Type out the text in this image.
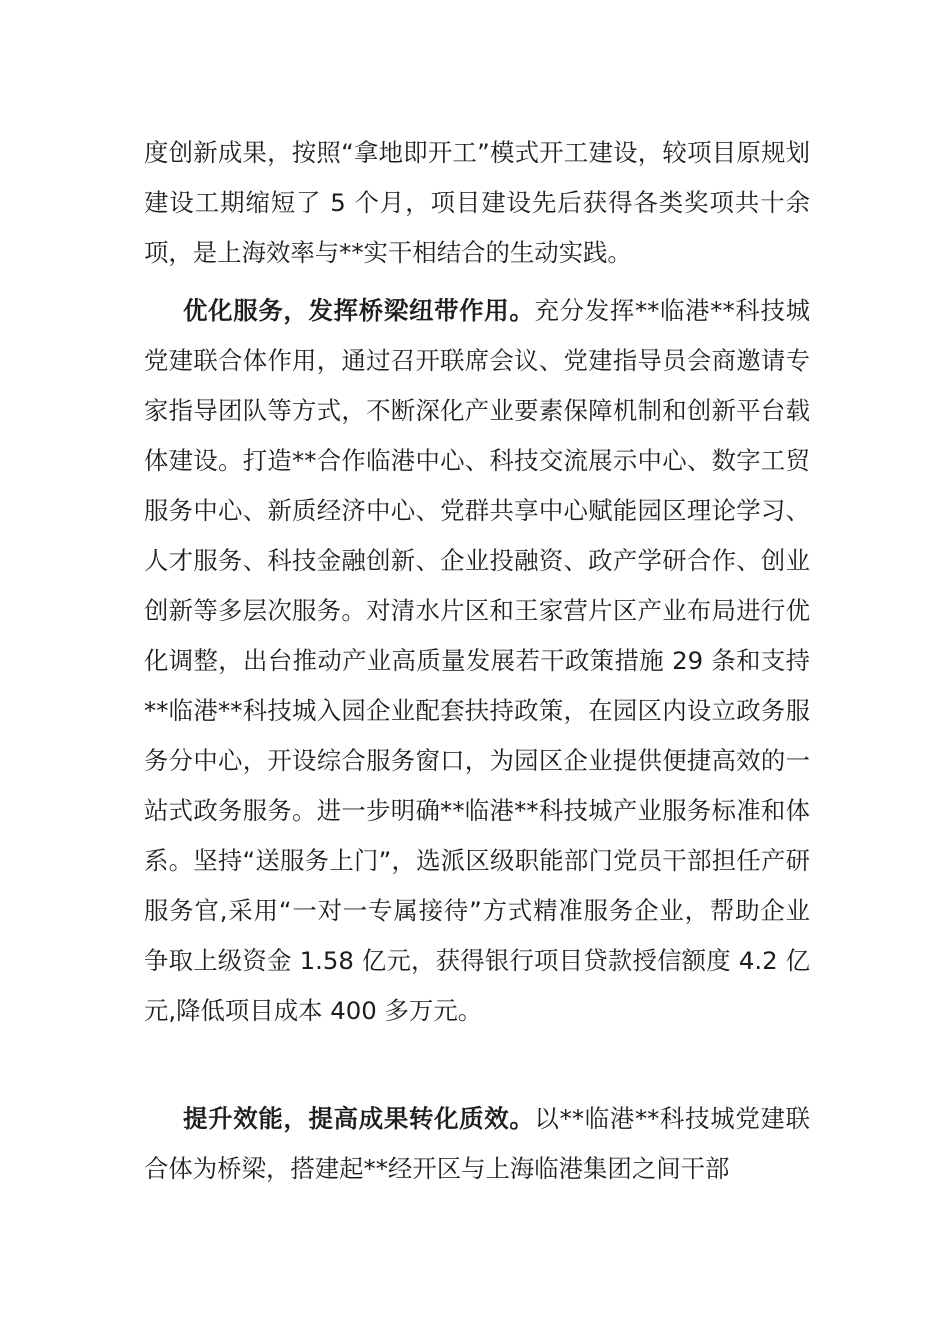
度创新成果，按照“拿地即开工”模式开工建设，较项目原规划建设工期缩短了 5 个月，项目建设先后获得各类奖项共十余项，是上海效率与**实干相结合的生动实践。

优化服务，发挥桥梁纽带作用。充分发挥**临港**科技城党建联合体作用，通过召开联席会议、党建指导员会商邀请专家指导团队等方式，不断深化产业要素保障机制和创新平台载体建设。打造**合作临港中心、科技交流展示中心、数字工贸服务中心、新质经济中心、党群共享中心赋能园区理论学习、人才服务、科技金融创新、企业投融资、政产学研合作、创业创新等多层次服务。对清水片区和王家营片区产业布局进行优化调整，出台推动产业高质量发展若干政策措施 29 条和支持**临港**科技城入园企业配套扶持政策，在园区内设立政务服务分中心，开设综合服务窗口，为园区企业提供便捷高效的一站式政务服务。进一步明确**临港**科技城产业服务标准和体系。坚持“送服务上门”，选派区级职能部门党员干部担任产研服务官,采用“一对一专属接待”方式精准服务企业，帮助企业争取上级资金 1.58 亿元，获得银行项目贷款授信额度 4.2 亿元,降低项目成本 400 多万元。

提升效能，提高成果转化质效。以**临港**科技城党建联合体为桥梁，搭建起**经开区与上海临港集团之间干部
